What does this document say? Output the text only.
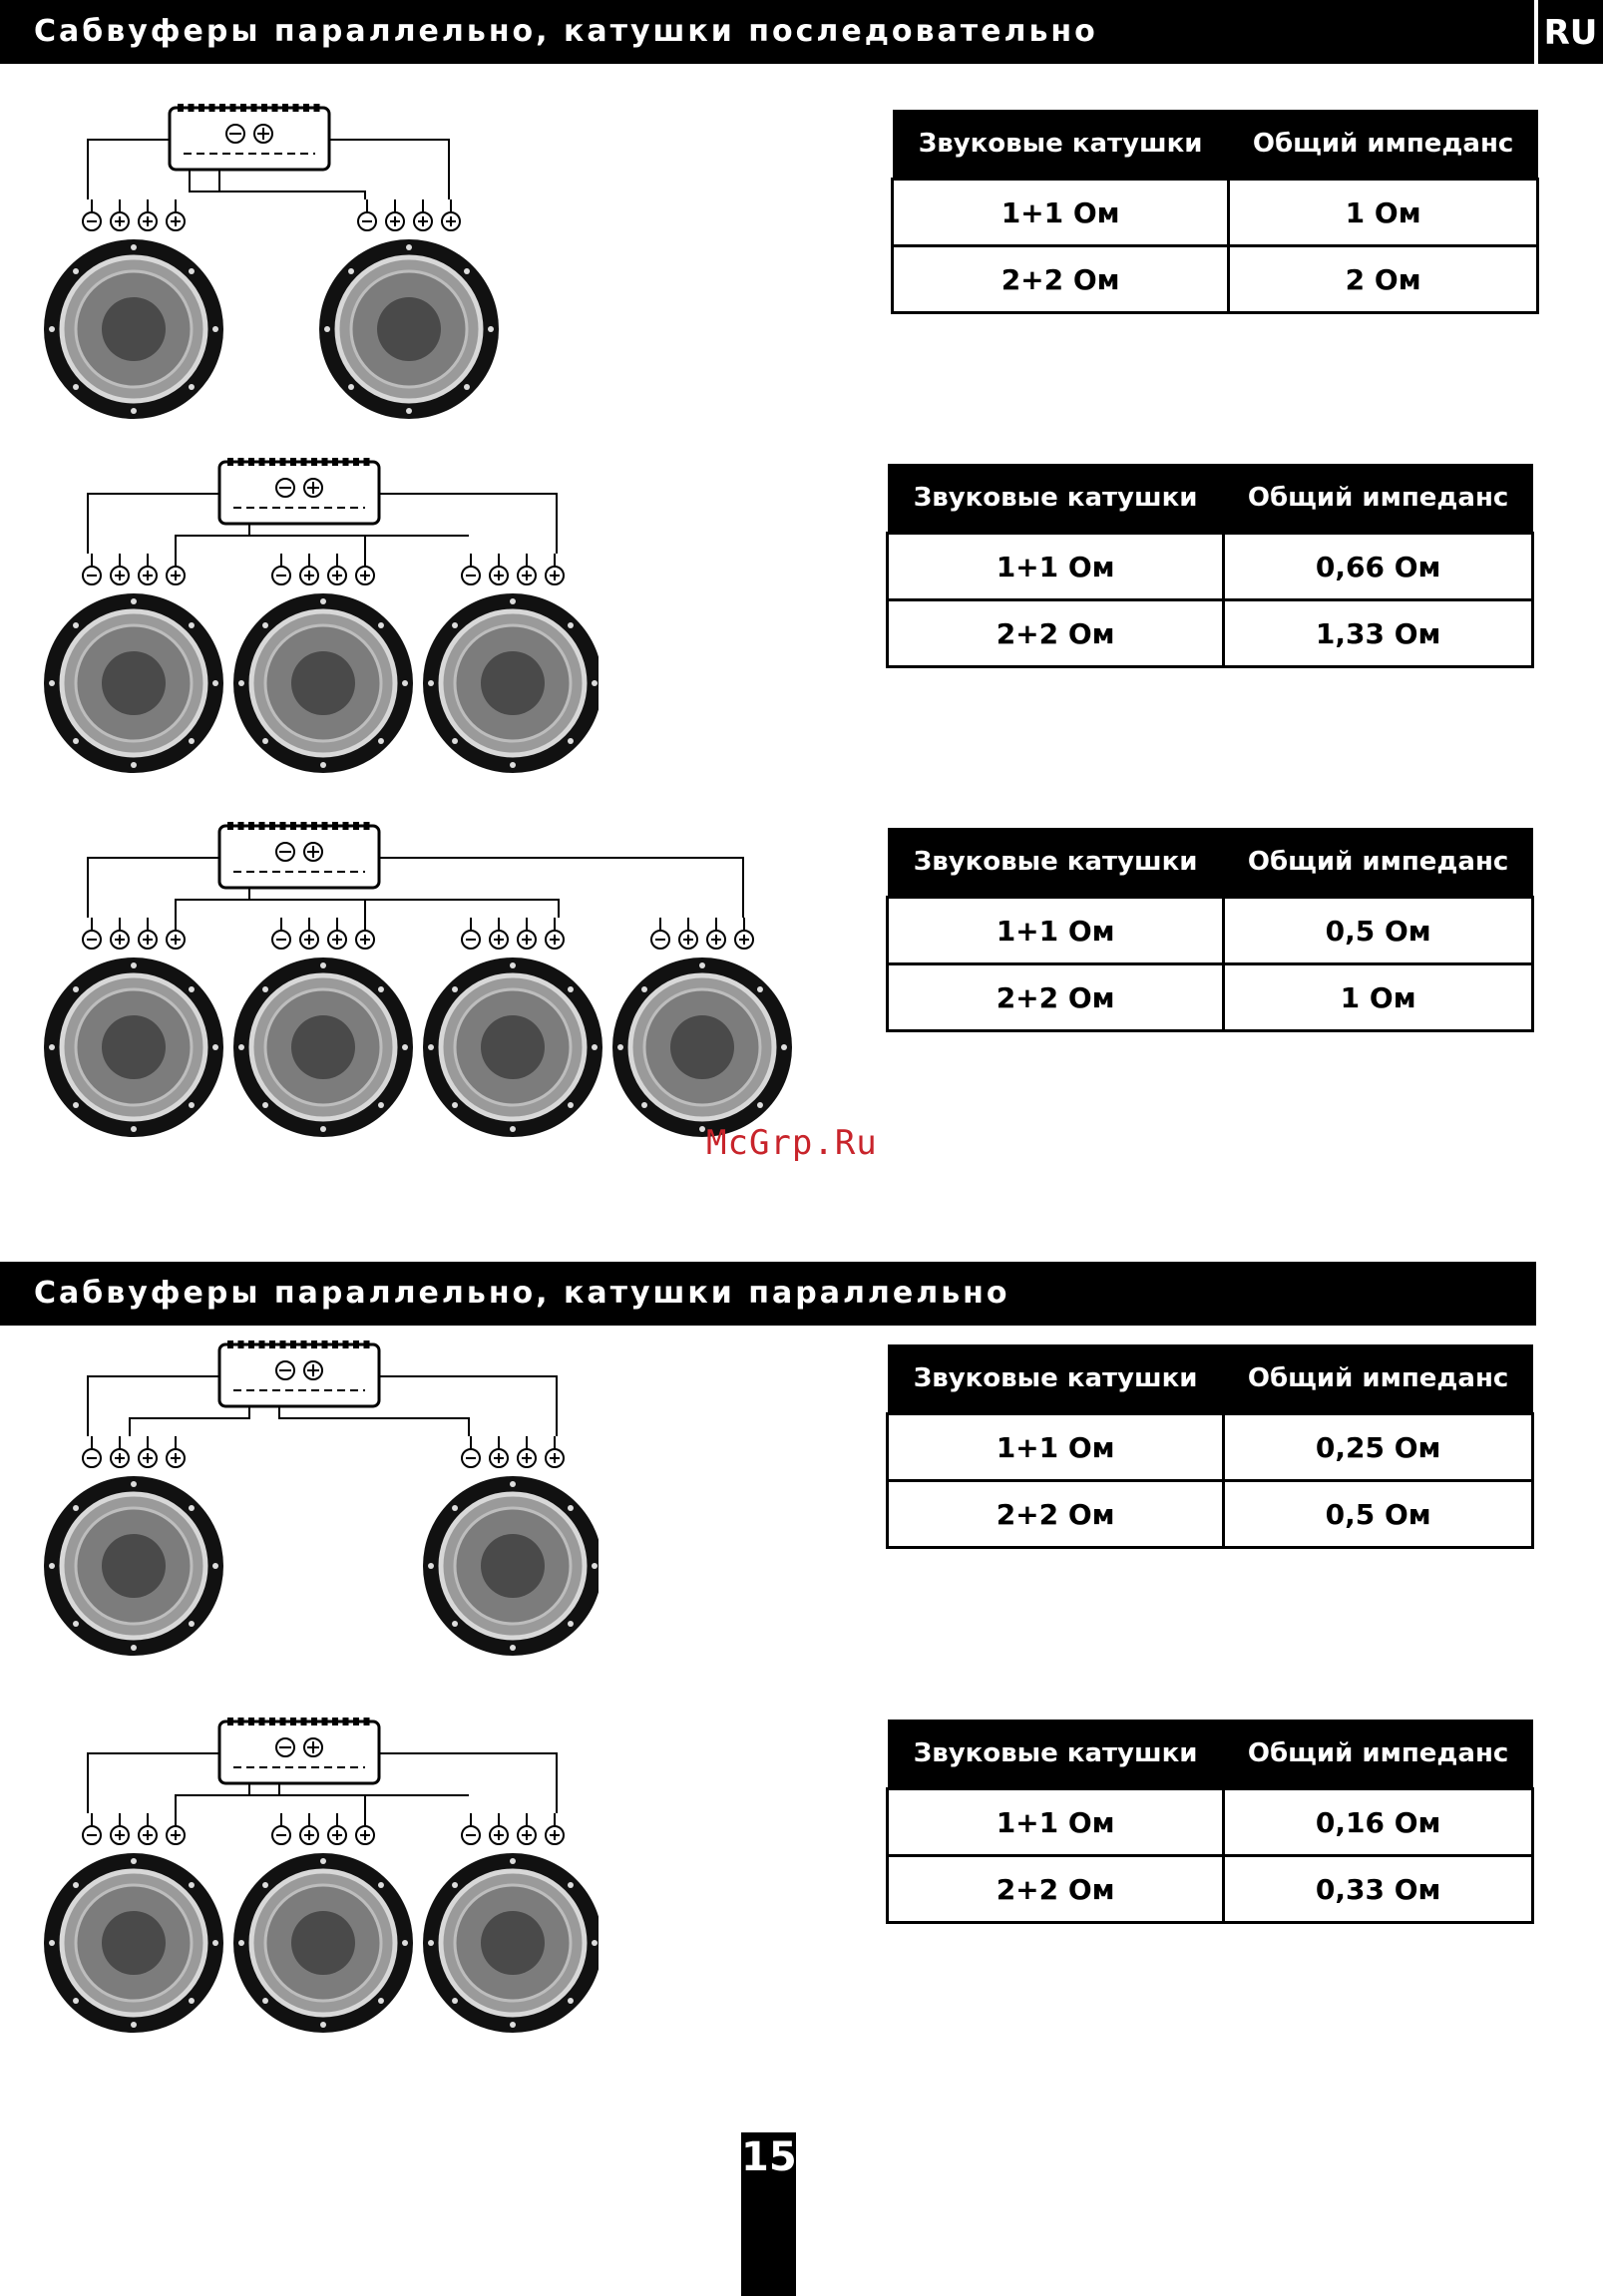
Сабвуферы параллельно, катушки последовательно	RU
Сабвуферы параллельно, катушки параллельно
Звуковые катушки	Общий импеданс
1+1 Ом	1 Ом
2+2 Ом	2 Ом
Звуковые катушки	Общий импеданс
1+1 Ом	0,66 Ом
2+2 Ом	1,33 Ом
Звуковые катушки	Общий импеданс
1+1 Ом	0,5 Ом
2+2 Ом	1 Ом
Звуковые катушки	Общий импеданс
1+1 Ом	0,25 Ом
2+2 Ом	0,5 Ом
Звуковые катушки	Общий импеданс
1+1 Ом	0,16 Ом
2+2 Ом	0,33 Ом
McGrp.Ru
15
